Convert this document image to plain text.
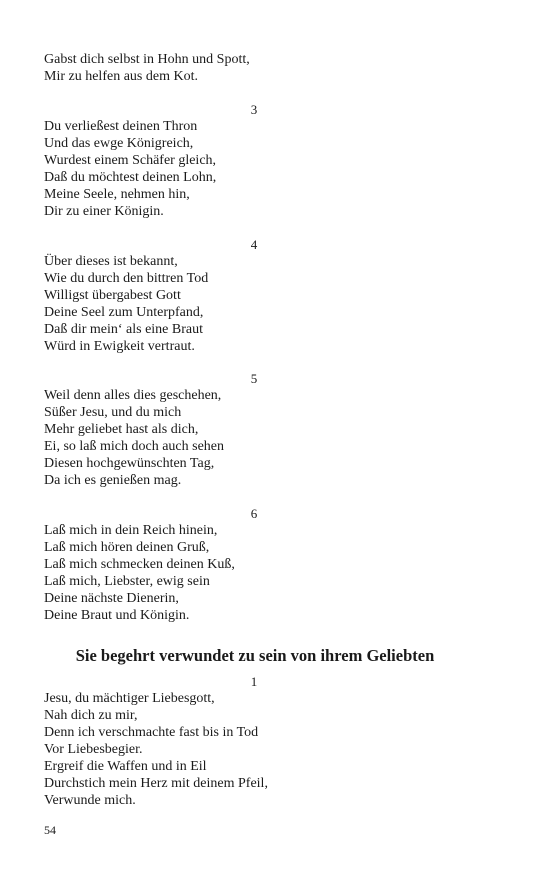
Gabst dich selbst in Hohn und Spott,
Mir zu helfen aus dem Kot.
3
Du verließest deinen Thron
Und das ewge Königreich,
Wurdest einem Schäfer gleich,
Daß du möchtest deinen Lohn,
Meine Seele, nehmen hin,
Dir zu einer Königin.
4
Über dieses ist bekannt,
Wie du durch den bittren Tod
Willigst übergabest Gott
Deine Seel zum Unterpfand,
Daß dir mein‘ als eine Braut
Würd in Ewigkeit vertraut.
5
Weil denn alles dies geschehen,
Süßer Jesu, und du mich
Mehr geliebet hast als dich,
Ei, so laß mich doch auch sehen
Diesen hochgewünschten Tag,
Da ich es genießen mag.
6
Laß mich in dein Reich hinein,
Laß mich hören deinen Gruß,
Laß mich schmecken deinen Kuß,
Laß mich, Liebster, ewig sein
Deine nächste Dienerin,
Deine Braut und Königin.
Sie begehrt verwundet zu sein von ihrem Geliebten
1
Jesu, du mächtiger Liebesgott,
Nah dich zu mir,
Denn ich verschmachte fast bis in Tod
Vor Liebesbegier.
Ergreif die Waffen und in Eil
Durchstich mein Herz mit deinem Pfeil,
Verwunde mich.
54
